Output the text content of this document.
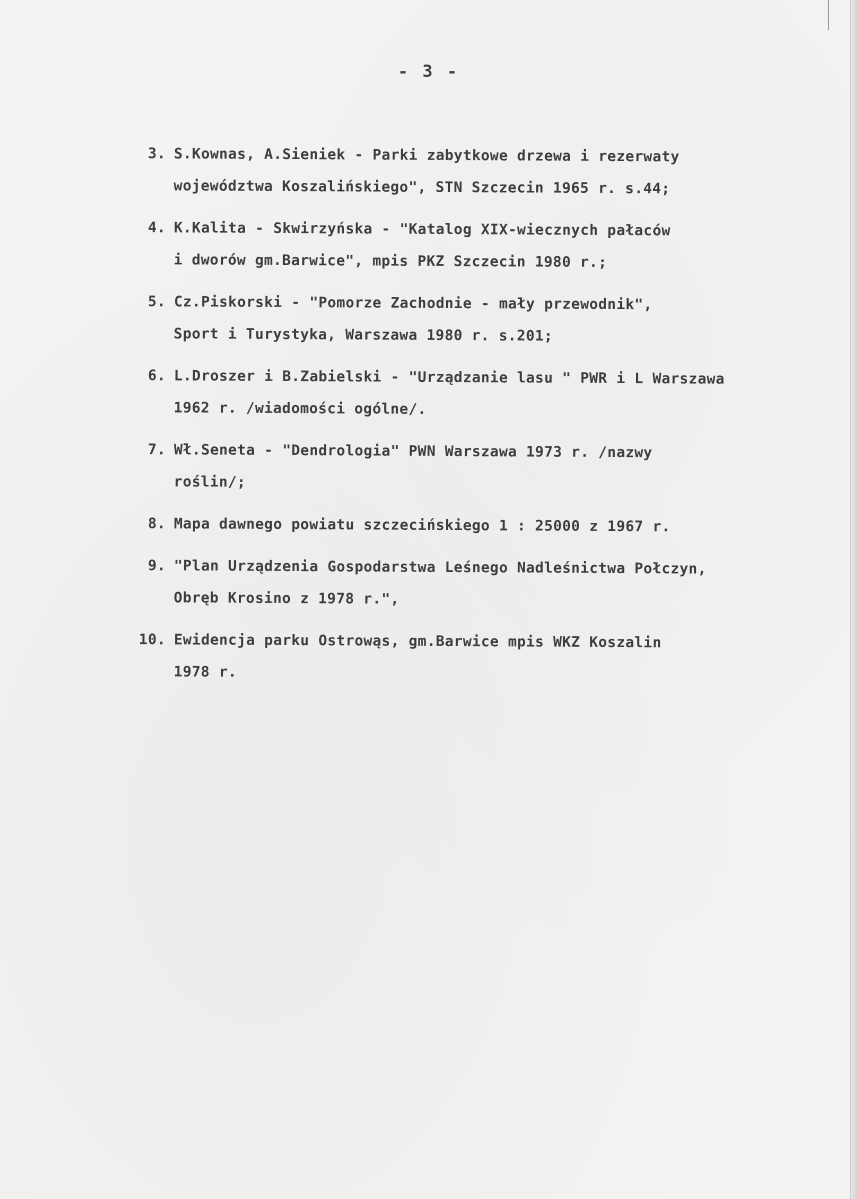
- 3 -
3. S.Kownas, A.Sieniek - Parki zabytkowe drzewa i rezerwaty
województwa Koszalińskiego", STN Szczecin 1965 r. s.44;
4. K.Kalita - Skwirzyńska - "Katalog XIX-wiecznych pałaców
i dworów gm.Barwice", mpis PKZ Szczecin 1980 r.;
5. Cz.Piskorski - "Pomorze Zachodnie - mały przewodnik",
Sport i Turystyka, Warszawa 1980 r. s.201;
6. L.Droszer i B.Zabielski - "Urządzanie lasu " PWR i L Warszawa
1962 r. /wiadomości ogólne/.
7. Wł.Seneta - "Dendrologia" PWN Warszawa 1973 r. /nazwy
roślin/;
8. Mapa dawnego powiatu szczecińskiego 1 : 25000 z 1967 r.
9. "Plan Urządzenia Gospodarstwa Leśnego Nadleśnictwa Połczyn,
Obręb Krosino z 1978 r.",
10. Ewidencja parku Ostrowąs, gm.Barwice mpis WKZ Koszalin
1978 r.
